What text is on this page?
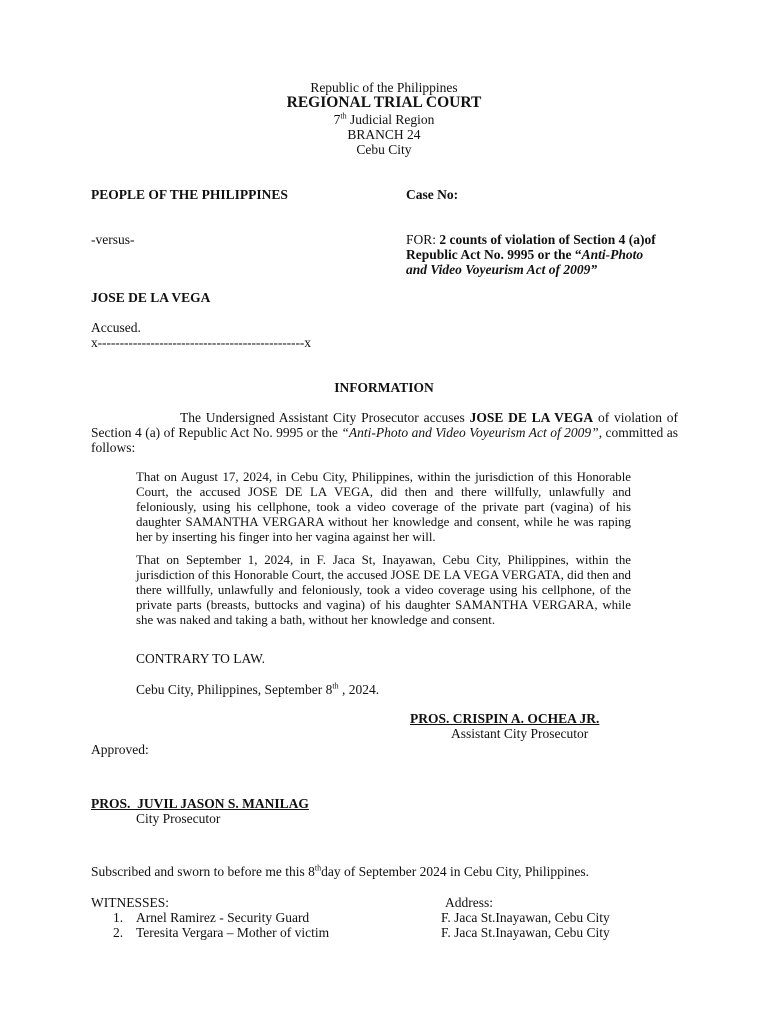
Republic of the Philippines
REGIONAL TRIAL COURT
7th Judicial Region
BRANCH 24
Cebu City
PEOPLE OF THE PHILIPPINES	Case No:
-versus-	FOR: 2 counts of violation of Section 4 (a)of
Republic Act No. 9995 or the “Anti-Photo
and Video Voyeurism Act of 2009”
JOSE DE LA VEGA
Accused.
x-----------------------------------------------x
INFORMATION
The Undersigned Assistant City Prosecutor accuses JOSE DE LA VEGA of violation of Section 4 (a) of Republic Act No. 9995 or the “Anti-Photo and Video Voyeurism Act of 2009”, committed as follows:
That on August 17, 2024, in Cebu City, Philippines, within the jurisdiction of this Honorable Court, the accused JOSE DE LA VEGA, did then and there willfully, unlawfully and feloniously, using his cellphone, took a video coverage of the private part (vagina) of his daughter SAMANTHA VERGARA without her knowledge and consent, while he was raping her by inserting his finger into her vagina against her will.
That on September 1, 2024, in F. Jaca St, Inayawan, Cebu City, Philippines, within the jurisdiction of this Honorable Court, the accused JOSE DE LA VEGA VERGATA, did then and there willfully, unlawfully and feloniously, took a video coverage using his cellphone, of the private parts (breasts, buttocks and vagina) of his daughter SAMANTHA VERGARA, while she was naked and taking a bath, without her knowledge and consent.
CONTRARY TO LAW.
Cebu City, Philippines, September 8th , 2024.
PROS. CRISPIN A. OCHEA JR.
Assistant City Prosecutor
Approved:
PROS.  JUVIL JASON S. MANILAG
City Prosecutor
Subscribed and sworn to before me this 8thday of September 2024 in Cebu City, Philippines.
WITNESSES:	Address:
1. Arnel Ramirez - Security Guard	F. Jaca St.Inayawan, Cebu City
2. Teresita Vergara – Mother of victim	F. Jaca St.Inayawan, Cebu City
